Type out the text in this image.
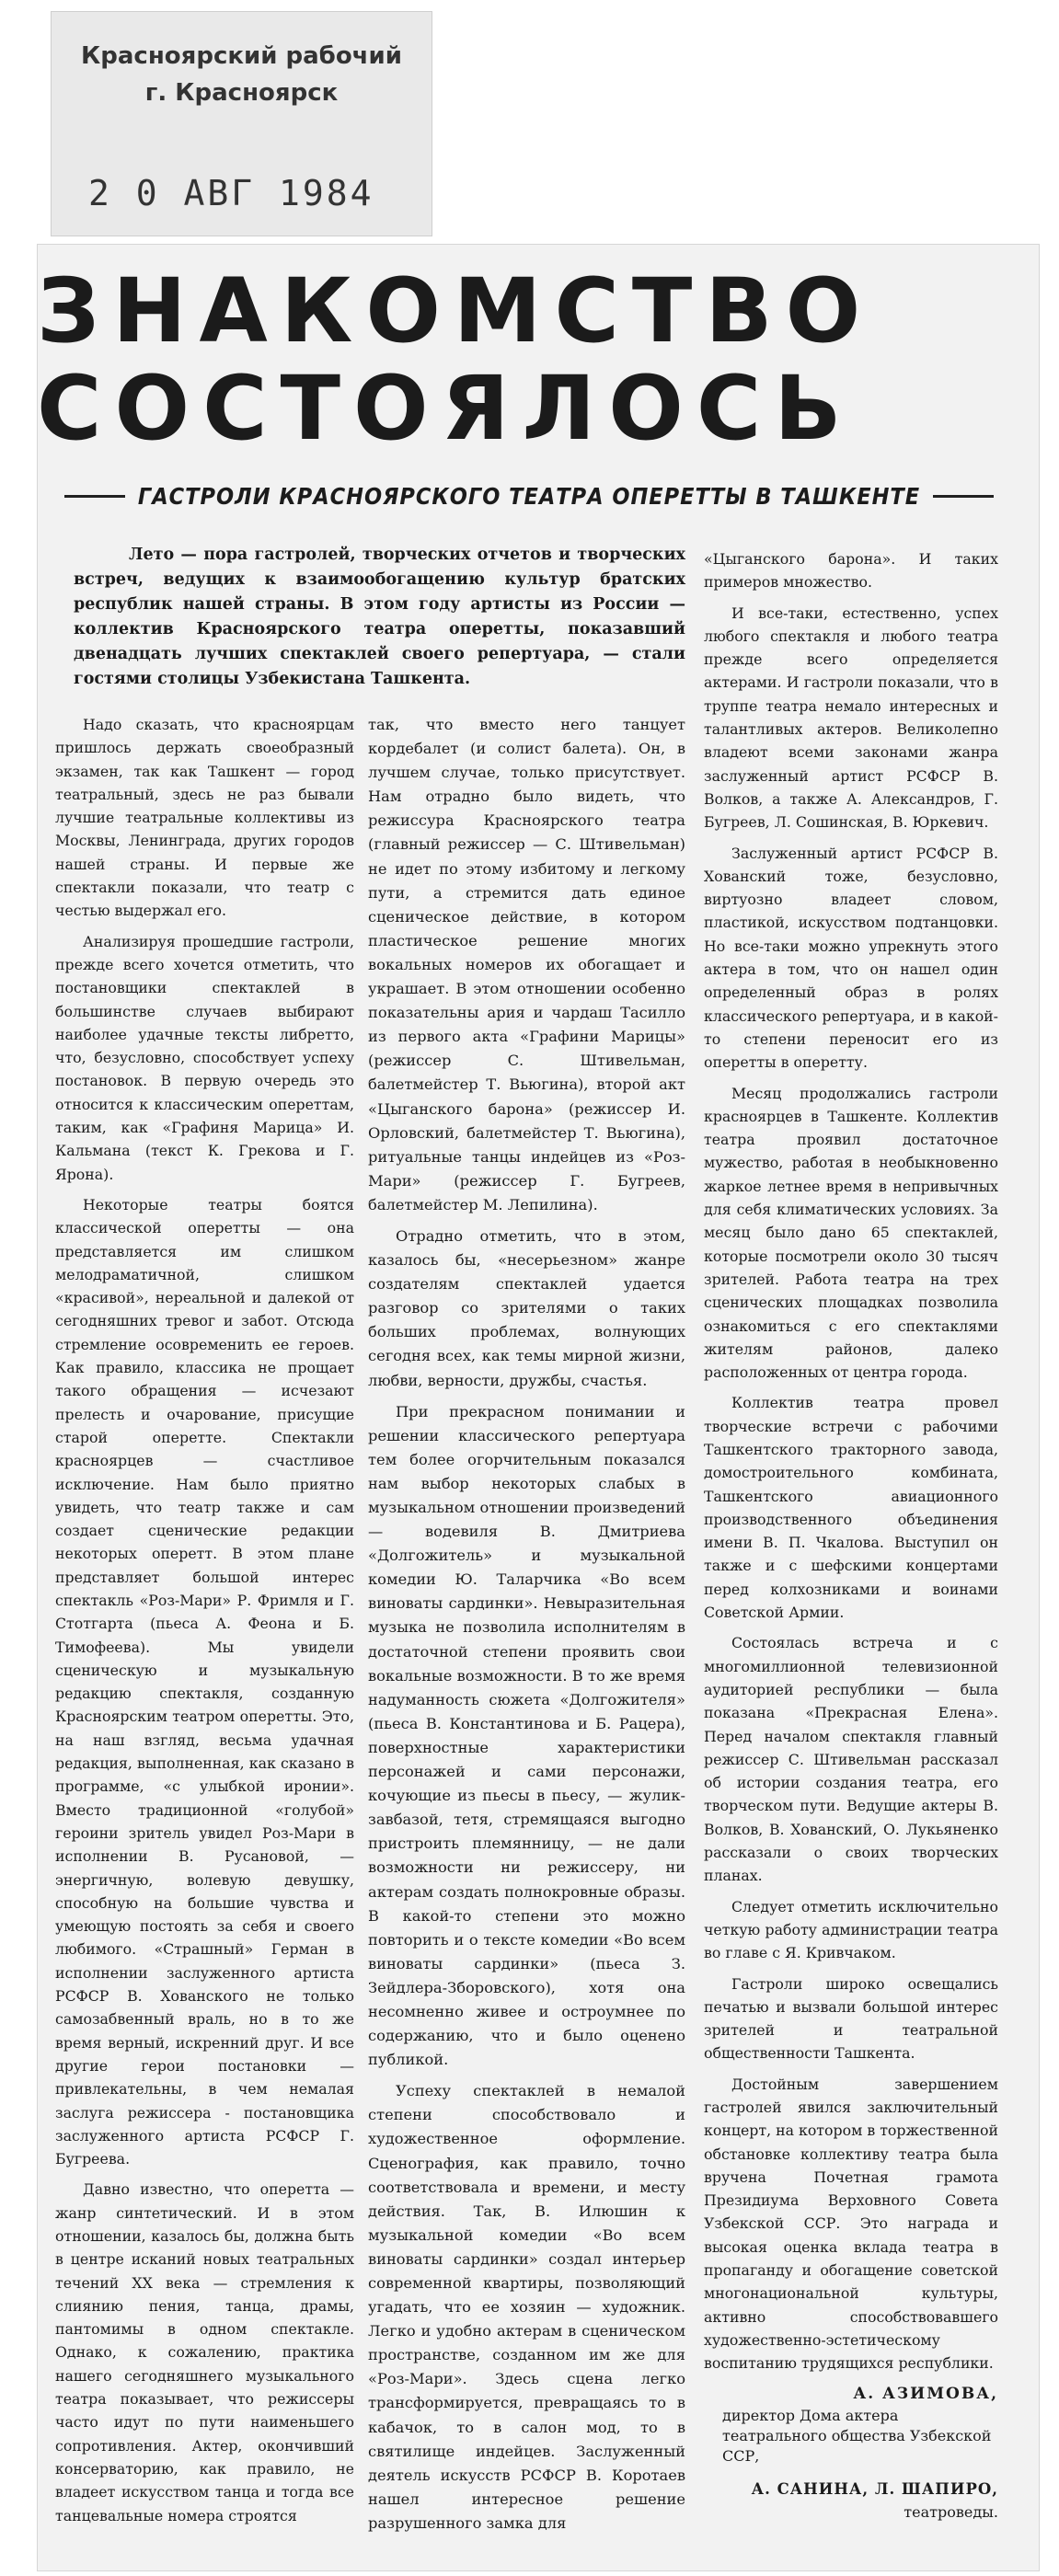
Красноярский рабочий
г. Красноярск
2 0 АВГ 1984
ЗНАКОМСТВО
СОСТОЯЛОСЬ
ГАСТРОЛИ КРАСНОЯРСКОГО ТЕАТРА ОПЕРЕТТЫ В ТАШКЕНТЕ
Лето — пора гастролей, творческих отчетов и творческих встреч, ведущих к взаимообогащению культур братских республик нашей страны. В этом году артисты из России — коллектив Красноярского театра оперетты, показавший двенадцать лучших спектаклей своего репертуара, — стали гостями столицы Узбекистана Ташкента.

Надо сказать, что красноярцам пришлось держать своеобразный экзамен, так как Ташкент — город театральный, здесь не раз бывали лучшие театральные коллективы из Москвы, Ленинграда, других городов нашей страны. И первые же спектакли показали, что театр с честью выдержал его.

Анализируя прошедшие гастроли, прежде всего хочется отметить, что постановщики спектаклей в большинстве случаев выбирают наиболее удачные тексты либретто, что, безусловно, способствует успеху постановок. В первую очередь это относится к классическим опереттам, таким, как «Графиня Марица» И. Кальмана (текст К. Грекова и Г. Ярона).

Некоторые театры боятся классической оперетты — она представляется им слишком мелодраматичной, слишком «красивой», нереальной и далекой от сегодняшних тревог и забот. Отсюда стремление осовременить ее героев. Как правило, классика не прощает такого обращения — исчезают прелесть и очарование, присущие старой оперетте. Спектакли красноярцев — счастливое исключение. Нам было приятно увидеть, что театр также и сам создает сценические редакции некоторых оперетт. В этом плане представляет большой интерес спектакль «Роз-Мари» Р. Фримля и Г. Стотгарта (пьеса А. Феона и Б. Тимофеева). Мы увидели сценическую и музыкальную редакцию спектакля, созданную Красноярским театром оперетты. Это, на наш взгляд, весьма удачная редакция, выполненная, как сказано в программе, «с улыбкой иронии». Вместо традиционной «голубой» героини зритель увидел Роз-Мари в исполнении В. Русановой, — энергичную, волевую девушку, способную на большие чувства и умеющую постоять за себя и своего любимого. «Страшный» Герман в исполнении заслуженного артиста РСФСР В. Хованского не только самозабвенный враль, но в то же время верный, искренний друг. И все другие герои постановки — привлекательны, в чем немалая заслуга режиссера - постановщика заслуженного артиста РСФСР Г. Бугреева.

Давно известно, что оперетта — жанр синтетический. И в этом отношении, казалось бы, должна быть в центре исканий новых театральных течений XX века — стремления к слиянию пения, танца, драмы, пантомимы в одном спектакле. Однако, к сожалению, практика нашего сегодняшнего музыкального театра показывает, что режиссеры часто идут по пути наименьшего сопротивления. Актер, окончивший консерваторию, как правило, не владеет искусством танца и тогда все танцевальные номера строятся

так, что вместо него танцует кордебалет (и солист балета). Он, в лучшем случае, только присутствует. Нам отрадно было видеть, что режиссура Красноярского театра (главный режиссер — С. Штивельман) не идет по этому избитому и легкому пути, а стремится дать единое сценическое действие, в котором пластическое решение многих вокальных номеров их обогащает и украшает. В этом отношении особенно показательны ария и чардаш Тасилло из первого акта «Графини Марицы» (режиссер С. Штивельман, балетмейстер Т. Вьюгина), второй акт «Цыганского барона» (режиссер И. Орловский, балетмейстер Т. Вьюгина), ритуальные танцы индейцев из «Роз-Мари» (режиссер Г. Бугреев, балетмейстер М. Лепилина).

Отрадно отметить, что в этом, казалось бы, «несерьезном» жанре создателям спектаклей удается разговор со зрителями о таких больших проблемах, волнующих сегодня всех, как темы мирной жизни, любви, верности, дружбы, счастья.

При прекрасном понимании и решении классического репертуара тем более огорчительным показался нам выбор некоторых слабых в музыкальном отношении произведений — водевиля В. Дмитриева «Долгожитель» и музыкальной комедии Ю. Таларчика «Во всем виноваты сардинки». Невыразительная музыка не позволила исполнителям в достаточной степени проявить свои вокальные возможности. В то же время надуманность сюжета «Долгожителя» (пьеса В. Константинова и Б. Рацера), поверхностные характеристики персонажей и сами персонажи, кочующие из пьесы в пьесу, — жулик-завбазой, тетя, стремящаяся выгодно пристроить племянницу, — не дали возможности ни режиссеру, ни актерам создать полнокровные образы. В какой-то степени это можно повторить и о тексте комедии «Во всем виноваты сардинки» (пьеса З. Зейдлера-Зборовского), хотя она несомненно живее и остроумнее по содержанию, что и было оценено публикой.

Успеху спектаклей в немалой степени способствовало и художественное оформление. Сценография, как правило, точно соответствовала и времени, и месту действия. Так, В. Илюшин к музыкальной комедии «Во всем виноваты сардинки» создал интерьер современной квартиры, позволяющий угадать, что ее хозяин — художник. Легко и удобно актерам в сценическом пространстве, созданном им же для «Роз-Мари». Здесь сцена легко трансформируется, превращаясь то в кабачок, то в салон мод, то в святилище индейцев. Заслуженный деятель искусств РСФСР В. Коротаев нашел интересное решение разрушенного замка для

«Цыганского барона». И таких примеров множество.

И все-таки, естественно, успех любого спектакля и любого театра прежде всего определяется актерами. И гастроли показали, что в труппе театра немало интересных и талантливых актеров. Великолепно владеют всеми законами жанра заслуженный артист РСФСР В. Волков, а также А. Александров, Г. Бугреев, Л. Сошинская, В. Юркевич.

Заслуженный артист РСФСР В. Хованский тоже, безусловно, виртуозно владеет словом, пластикой, искусством подтанцовки. Но все-таки можно упрекнуть этого актера в том, что он нашел один определенный образ в ролях классического репертуара, и в какой-то степени переносит его из оперетты в оперетту.

Месяц продолжались гастроли красноярцев в Ташкенте. Коллектив театра проявил достаточное мужество, работая в необыкновенно жаркое летнее время в непривычных для себя климатических условиях. За месяц было дано 65 спектаклей, которые посмотрели около 30 тысяч зрителей. Работа театра на трех сценических площадках позволила ознакомиться с его спектаклями жителям районов, далеко расположенных от центра города.

Коллектив театра провел творческие встречи с рабочими Ташкентского тракторного завода, домостроительного комбината, Ташкентского авиационного производственного объединения имени В. П. Чкалова. Выступил он также и с шефскими концертами перед колхозниками и воинами Советской Армии.

Состоялась встреча и с многомиллионной телевизионной аудиторией республики — была показана «Прекрасная Елена». Перед началом спектакля главный режиссер С. Штивельман рассказал об истории создания театра, его творческом пути. Ведущие актеры В. Волков, В. Хованский, О. Лукьяненко рассказали о своих творческих планах.

Следует отметить исключительно четкую работу администрации театра во главе с Я. Кривчаком.

Гастроли широко освещались печатью и вызвали большой интерес зрителей и театральной общественности Ташкента.

Достойным завершением гастролей явился заключительный концерт, на котором в торжественной обстановке коллективу театра была вручена Почетная грамота Президиума Верховного Совета Узбекской ССР. Это награда и высокая оценка вклада театра в пропаганду и обогащение советской многонациональной культуры, активно способствовавшего художественно-эстетическому воспитанию трудящихся республики.

А. АЗИМОВА,
директор Дома актера театрального общества Узбекской ССР,
А. САНИНА, Л. ШАПИРО,
театроведы.
